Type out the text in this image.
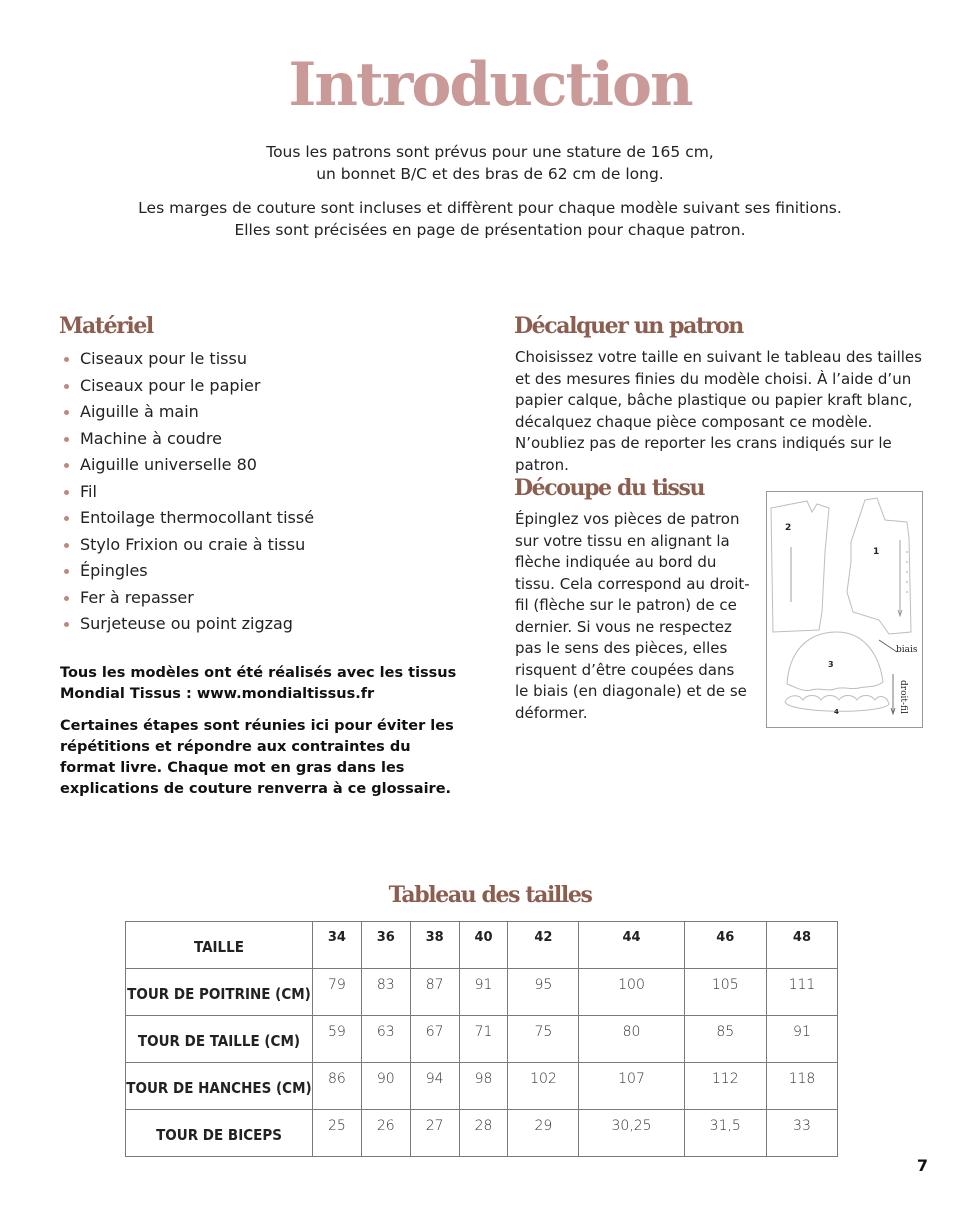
Introduction

Tous les patrons sont prévus pour une stature de 165 cm,

un bonnet B/C et des bras de 62 cm de long.

Les marges de couture sont incluses et diffèrent pour chaque modèle suivant ses finitions.

Elles sont précisées en page de présentation pour chaque patron.

Matériel
Ciseaux pour le tissu
Ciseaux pour le papier
Aiguille à main
Machine à coudre
Aiguille universelle 80
Fil
Entoilage thermocollant tissé
Stylo Frixion ou craie à tissu
Épingles
Fer à repasser
Surjeteuse ou point zigzag
Tous les modèles ont été réalisés avec les tissus Mondial Tissus : www.mondialtissus.fr
Certaines étapes sont réunies ici pour éviter les répétitions et répondre aux contraintes du format livre. Chaque mot en gras dans les explications de couture renverra à ce glossaire.
Décalquer un patron
Choisissez votre taille en suivant le tableau des tailles et des mesures finies du modèle choisi. À l’aide d’un papier calque, bâche plastique ou papier kraft blanc, décalquez chaque pièce composant ce modèle. N’oubliez pas de reporter les crans indiqués sur le patron.
Découpe du tissu
Épinglez vos pièces de patron sur votre tissu en alignant la flèche indiquée au bord du tissu. Cela correspond au droit-fil (flèche sur le patron) de ce dernier. Si vous ne respectez pas le sens des pièces, elles risquent d’être coupées dans le biais (en diagonale) et de se déformer.
2
1
3
4
biais
droit-fil
Tableau des tailles
TAILLE	34	36	38	40	42	44	46	48
TOUR DE POITRINE (CM)	79	83	87	91	95	100	105	111
TOUR DE TAILLE (CM)	59	63	67	71	75	80	85	91
TOUR DE HANCHES (CM)	86	90	94	98	102	107	112	118
TOUR DE BICEPS	25	26	27	28	29	30,25	31,5	33
7
